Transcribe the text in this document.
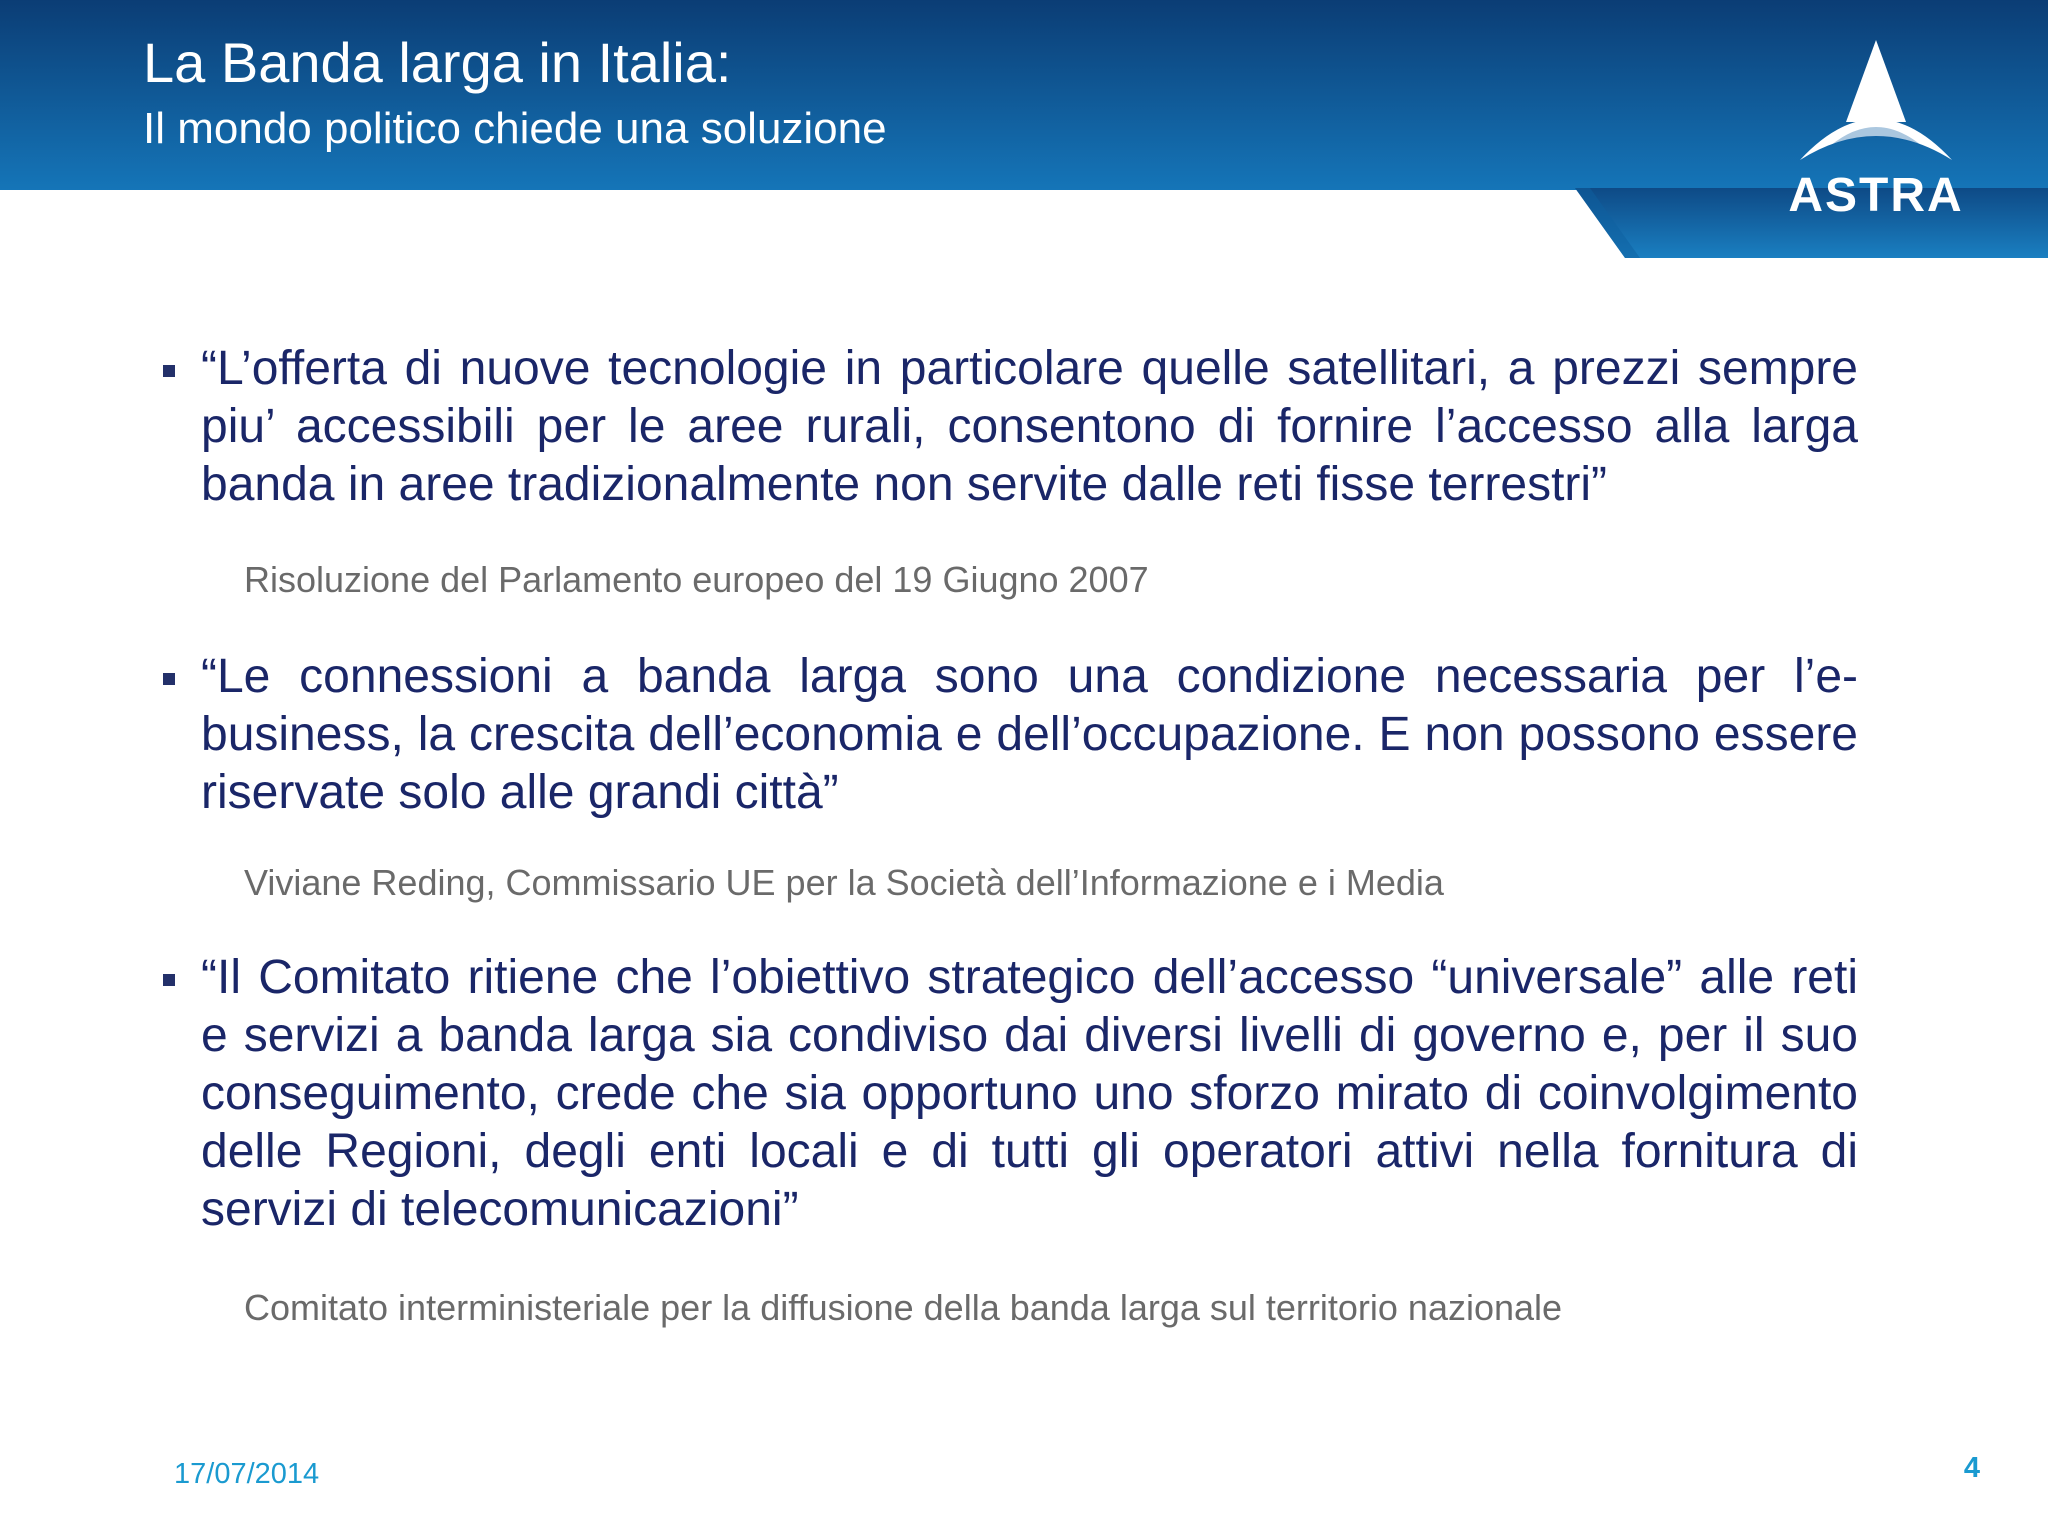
La Banda larga in Italia:
Il mondo politico chiede una soluzione
ASTRA
“L’offerta di nuove tecnologie in particolare quelle satellitari, a prezzi sempre piu’ accessibili per le aree rurali, consentono di fornire l’accesso alla larga banda in aree tradizionalmente non servite dalle reti fisse terrestri”
Risoluzione del Parlamento europeo del 19 Giugno 2007
“Le connessioni a banda larga sono una condizione necessaria per l’e-business, la crescita dell’economia e dell’occupazione. E non possono essere riservate solo alle grandi città”
Viviane Reding, Commissario UE per la Società dell’Informazione e i Media
“Il Comitato ritiene che l’obiettivo strategico dell’accesso “universale” alle reti e servizi a banda larga sia condiviso dai diversi livelli di governo e, per il suo conseguimento, crede che sia opportuno uno sforzo mirato di coinvolgimento delle Regioni, degli enti locali e di tutti gli operatori attivi nella fornitura di servizi di telecomunicazioni”
Comitato interministeriale per la diffusione della banda larga sul territorio nazionale
17/07/2014	4
